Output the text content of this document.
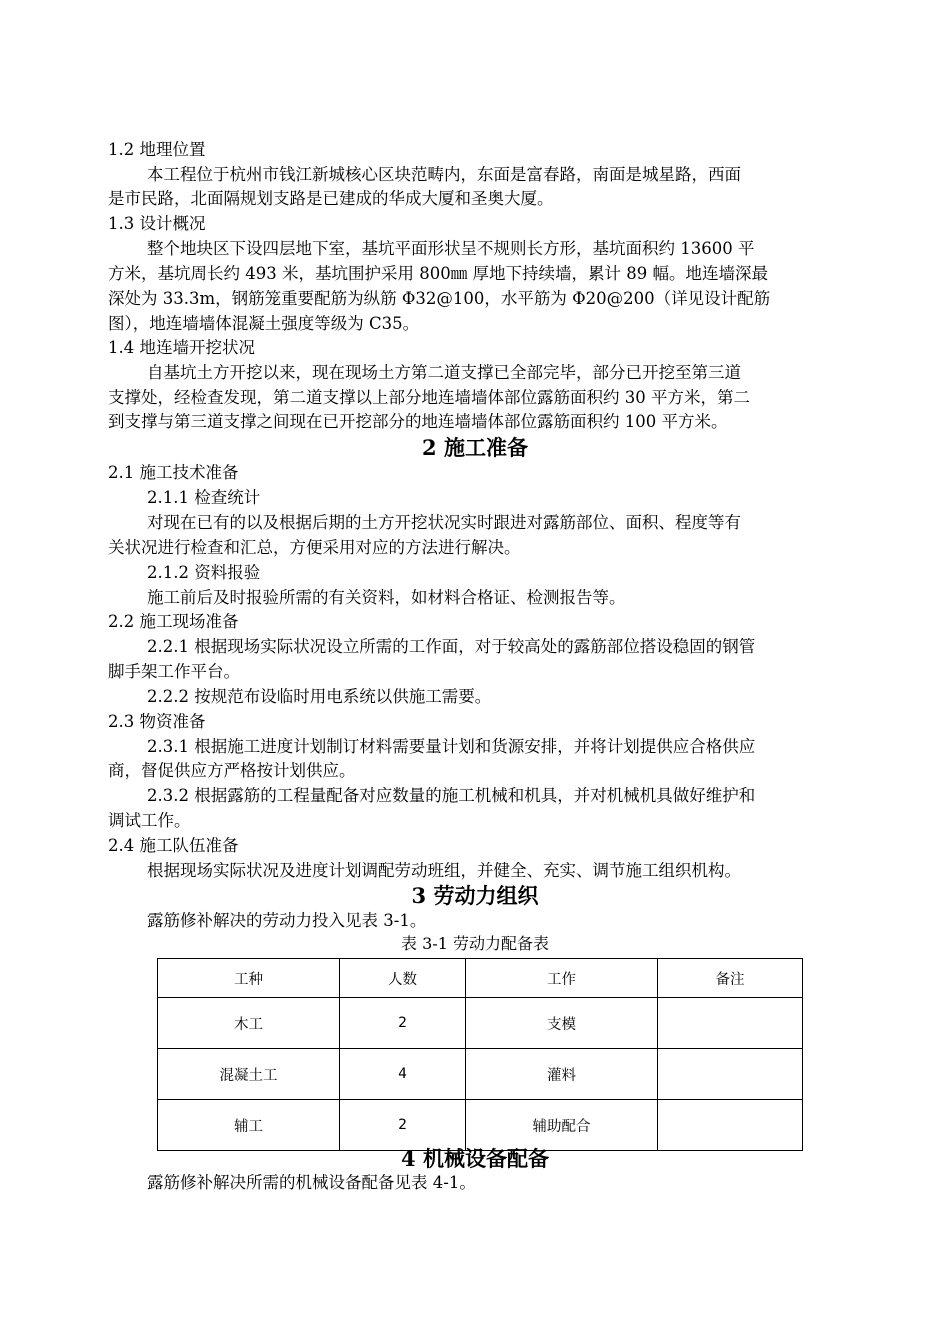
1.2 地理位置
本工程位于杭州市钱江新城核心区块范畴内，东面是富春路，南面是城星路，西面
是市民路，北面隔规划支路是已建成的华成大厦和圣奥大厦。
1.3 设计概况
整个地块区下设四层地下室，基坑平面形状呈不规则长方形，基坑面积约 13600 平
方米，基坑周长约 493 米，基坑围护采用 800㎜ 厚地下持续墙，累计 89 幅。地连墙深最
深处为 33.3m，钢筋笼重要配筋为纵筋 Φ32@100，水平筋为 Φ20@200（详见设计配筋
图），地连墙墙体混凝土强度等级为 C35。
1.4 地连墙开挖状况
自基坑土方开挖以来，现在现场土方第二道支撑已全部完毕，部分已开挖至第三道
支撑处，经检查发现，第二道支撑以上部分地连墙墙体部位露筋面积约 30 平方米，第二
到支撑与第三道支撑之间现在已开挖部分的地连墙墙体部位露筋面积约 100 平方米。
2 施工准备
2.1 施工技术准备
2.1.1 检查统计
对现在已有的以及根据后期的土方开挖状况实时跟进对露筋部位、面积、程度等有
关状况进行检查和汇总，方便采用对应的方法进行解决。
2.1.2 资料报验
施工前后及时报验所需的有关资料，如材料合格证、检测报告等。
2.2 施工现场准备
2.2.1 根据现场实际状况设立所需的工作面，对于较高处的露筋部位搭设稳固的钢管
脚手架工作平台。
2.2.2 按规范布设临时用电系统以供施工需要。
2.3 物资准备
2.3.1 根据施工进度计划制订材料需要量计划和货源安排，并将计划提供应合格供应
商，督促供应方严格按计划供应。
2.3.2 根据露筋的工程量配备对应数量的施工机械和机具，并对机械机具做好维护和
调试工作。
2.4 施工队伍准备
根据现场实际状况及进度计划调配劳动班组，并健全、充实、调节施工组织机构。
3 劳动力组织
露筋修补解决的劳动力投入见表 3-1。
表 3-1 劳动力配备表
工种	人数	工作	备注
木工	2	支模	
混凝土工	4	灌料	
辅工	2	辅助配合	
4 机械设备配备
露筋修补解决所需的机械设备配备见表 4-1。
